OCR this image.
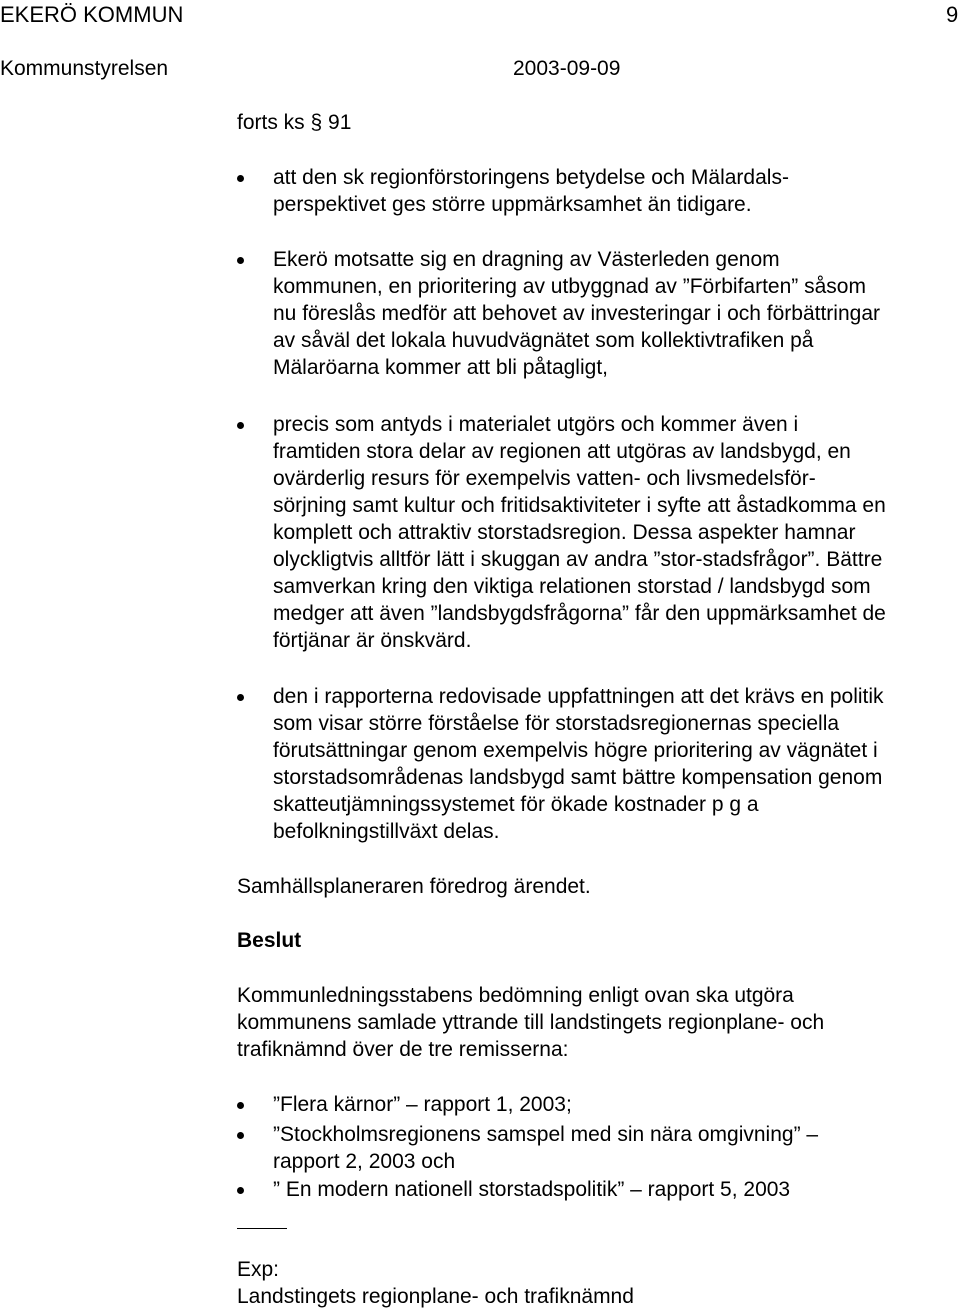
EKERÖ KOMMUN	9
Kommunstyrelsen	2003-09-09
forts ks § 91
att den sk regionförstoringens betydelse och Mälardals-
perspektivet ges större uppmärksamhet än tidigare.
Ekerö motsatte sig en dragning av Västerleden genom
kommunen, en prioritering av utbyggnad av ”Förbifarten” såsom
nu föreslås medför att behovet av investeringar i och förbättringar
av såväl det lokala huvudvägnätet som kollektivtrafiken på
Mälaröarna kommer att bli påtagligt,
precis som antyds i materialet utgörs och kommer även i
framtiden stora delar av regionen att utgöras av landsbygd, en
ovärderlig resurs för exempelvis vatten- och livsmedelsför-
sörjning samt kultur och fritidsaktiviteter i syfte att åstadkomma en
komplett och attraktiv storstadsregion. Dessa aspekter hamnar
olyckligtvis alltför lätt i skuggan av andra ”stor-stadsfrågor”. Bättre
samverkan kring den viktiga relationen storstad / landsbygd som
medger att även ”landsbygdsfrågorna” får den uppmärksamhet de
förtjänar är önskvärd.
den i rapporterna redovisade uppfattningen att det krävs en politik
som visar större förståelse för storstadsregionernas speciella
förutsättningar genom exempelvis högre prioritering av vägnätet i
storstadsområdenas landsbygd samt bättre kompensation genom
skatteutjämningssystemet för ökade kostnader p g a
befolkningstillväxt delas.
Samhällsplaneraren föredrog ärendet.
Beslut
Kommunledningsstabens bedömning enligt ovan ska utgöra
kommunens samlade yttrande till landstingets regionplane- och
trafiknämnd över de tre remisserna:
”Flera kärnor” – rapport 1, 2003;
”Stockholmsregionens samspel med sin nära omgivning” –
rapport 2, 2003 och
” En modern nationell storstadspolitik” – rapport 5, 2003
Exp:
Landstingets regionplane- och trafiknämnd
